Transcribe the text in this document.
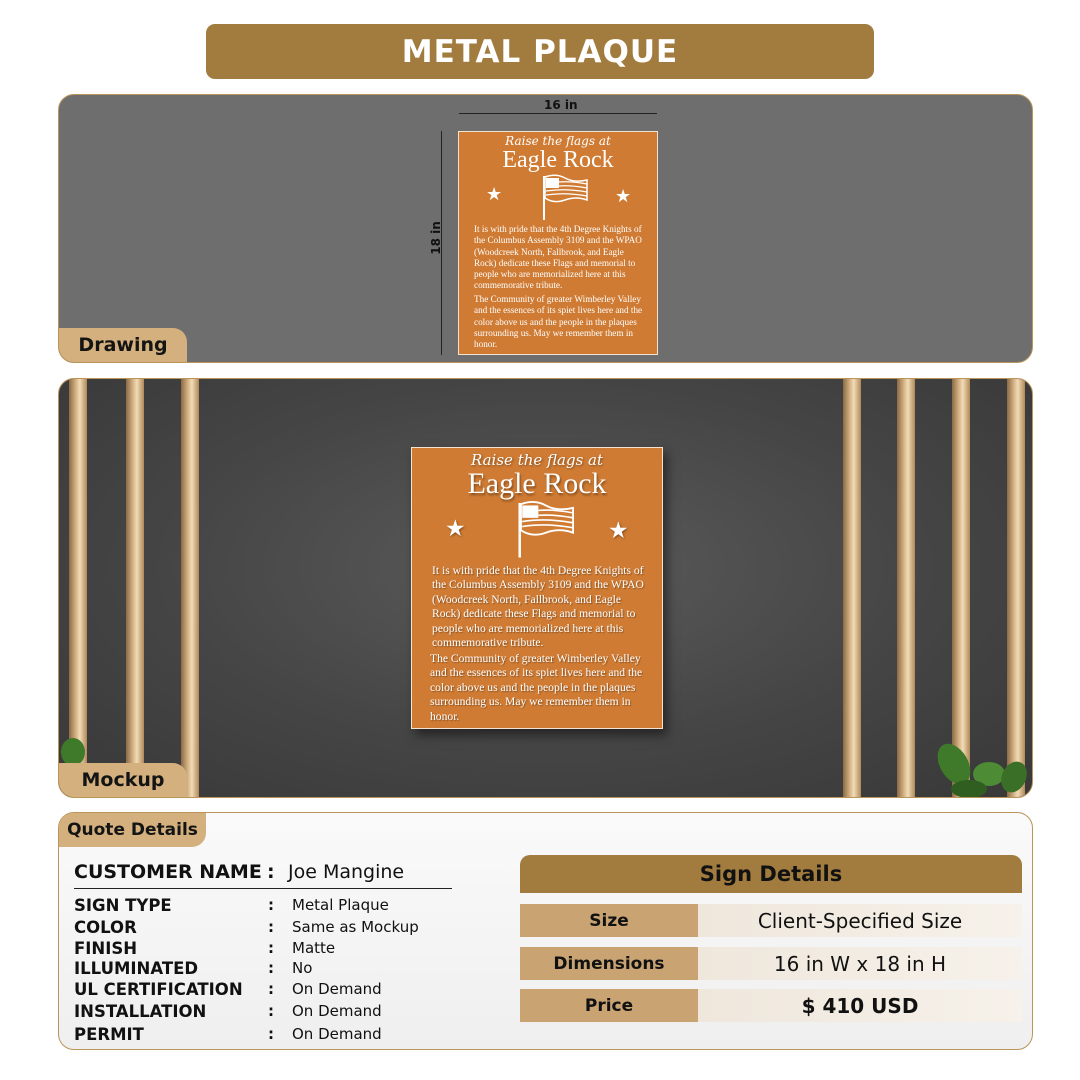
METAL PLAQUE
16 in
18 in
Raise the flags at
Eagle Rock
★	★
It is with pride that the 4th Degree Knights of the Columbus Assembly 3109 and the WPAO (Woodcreek North, Fallbrook, and Eagle Rock) dedicate these Flags and memorial to people who are memorialized here at this commemorative tribute.
The Community of greater Wimberley Valley and the essences of its spiet lives here and the color above us and the people in the plaques surrounding us. May we remember them in honor.
Drawing
Raise the flags at
Eagle Rock
★	★
It is with pride that the 4th Degree Knights of the Columbus Assembly 3109 and the WPAO (Woodcreek North, Fallbrook, and Eagle Rock) dedicate these Flags and memorial to people who are memorialized here at this commemorative tribute.
The Community of greater Wimberley Valley and the essences of its spiet lives here and the color above us and the people in the plaques surrounding us. May we remember them in honor.
Mockup
Quote Details
CUSTOMER NAME : Joe Mangine
SIGN TYPE	: Metal Plaque
COLOR	: Same as Mockup
FINISH	: Matte
ILLUMINATED	: No
UL CERTIFICATION : On Demand
INSTALLATION	: On Demand
PERMIT	: On Demand
Sign Details
Size	Client-Specified Size
Dimensions	16 in W x 18 in H
Price	$ 410 USD
